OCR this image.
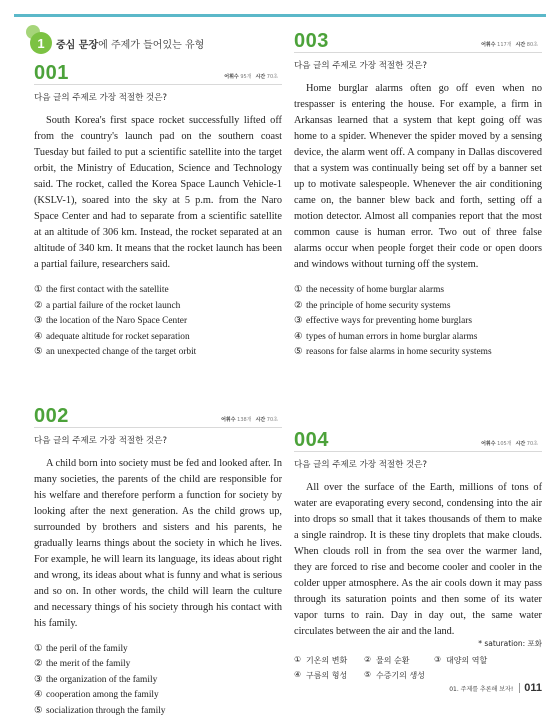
1	중심 문장에 주제가 들어있는 유형
001	어휘수 95개 시간 70초
다음 글의 주제로 가장 적절한 것은?

South Korea's first space rocket successfully lifted off from the country's launch pad on the southern coast Tuesday but failed to put a scientific satellite into the target orbit, the Ministry of Education, Science and Technology said. The rocket, called the Korea Space Launch Vehicle-1 (KSLV-1), soared into the sky at 5 p.m. from the Naro Space Center and had to separate from a scientific satellite at an altitude of 306 km. Instead, the rocket separated at an altitude of 340 km. It means that the rocket launch has been a partial failure, researchers said.

① the first contact with the satellite
② a partial failure of the rocket launch
③ the location of the Naro Space Center
④ adequate altitude for rocket separation
⑤ an unexpected change of the target orbit
002	어휘수 138개 시간 70초
다음 글의 주제로 가장 적절한 것은?

A child born into society must be fed and looked after. In many societies, the parents of the child are responsible for his welfare and therefore perform a function for society by looking after the next generation. As the child grows up, surrounded by brothers and sisters and his parents, he gradually learns things about the society in which he lives. For example, he will learn its language, its ideas about right and wrong, its ideas about what is funny and what is serious and so on. In other words, the child will learn the culture and necessary things of his society through his contact with his family.

① the peril of the family
② the merit of the family
③ the organization of the family
④ cooperation among the family
⑤ socialization through the family
003	어휘수 117개 시간 80초
다음 글의 주제로 가장 적절한 것은?

Home burglar alarms often go off even when no trespasser is entering the house. For example, a firm in Arkansas learned that a system that kept going off was home to a spider. Whenever the spider moved by a sensing device, the alarm went off. A company in Dallas discovered that a system was continually being set off by a banner set up to motivate salespeople. Whenever the air conditioning came on, the banner blew back and forth, setting off a motion detector. Almost all companies report that the most common cause is human error. Two out of three false alarms occur when people forget their code or open doors and windows without turning off the system.

① the necessity of home burglar alarms
② the principle of home security systems
③ effective ways for preventing home burglars
④ types of human errors in home burglar alarms
⑤ reasons for false alarms in home security systems
004	어휘수 105개 시간 70초
다음 글의 주제로 가장 적절한 것은?

All over the surface of the Earth, millions of tons of water are evaporating every second, condensing into the air into drops so small that it takes thousands of them to make a single raindrop. It is these tiny droplets that make clouds. When clouds roll in from the sea over the warmer land, they are forced to rise and become cooler and cooler in the colder upper atmosphere. As the air cools down it may pass through its saturation points and then some of its water vapor turns to rain. Day in day out, the same water circulates between the air and the land.

* saturation: 포화
① 기온의 변화 ② 물의 순환	③ 대양의 역할
④ 구름의 형성 ⑤ 수증기의 생성
01. 주제를 추론해 보자! 011
